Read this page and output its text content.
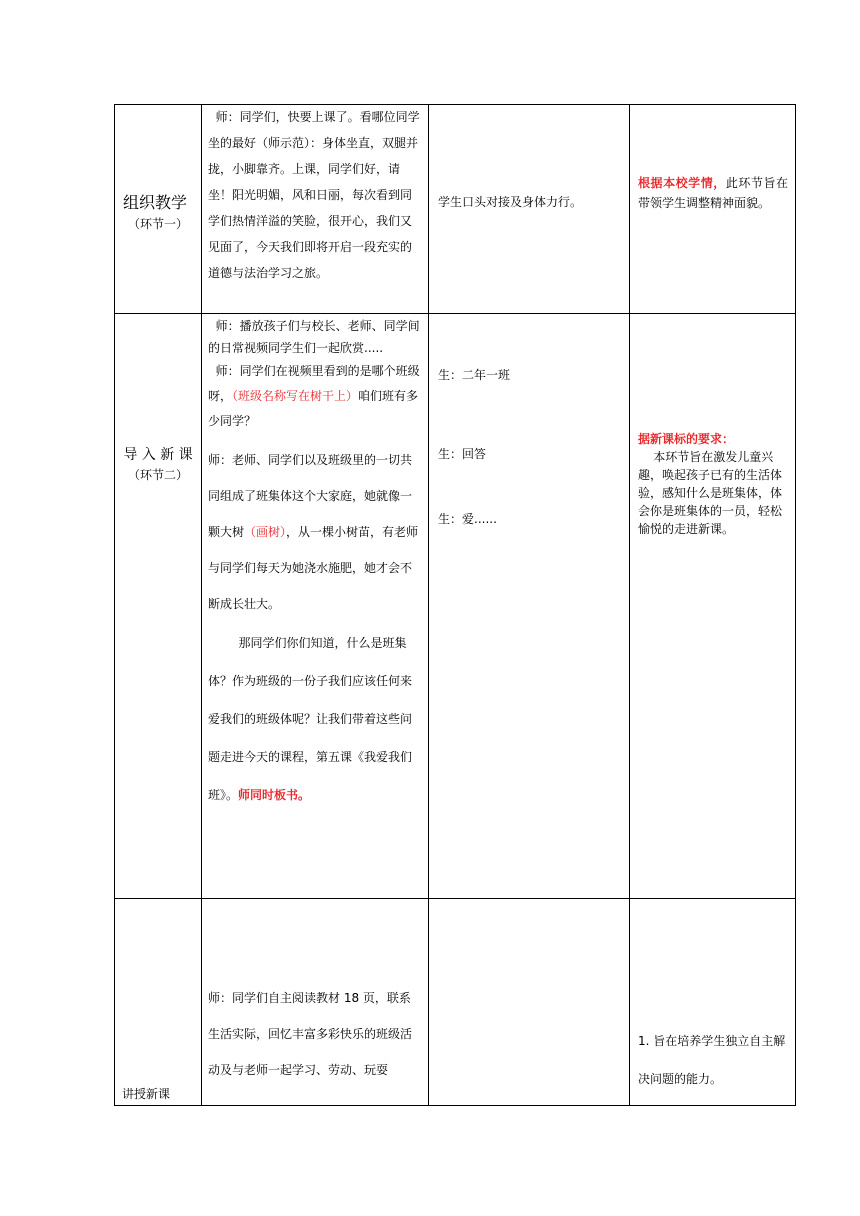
组织教学
（环节一）

师：同学们，快要上课了。看哪位同学坐的最好（师示范）：身体坐直，双腿并拢，小脚靠齐。上课，同学们好，请坐！阳光明媚，风和日丽，每次看到同学们热情洋溢的笑脸，很开心，我们又见面了，今天我们即将开启一段充实的道德与法治学习之旅。

学生口头对接及身体力行。

根据本校学情，此环节旨在带领学生调整精神面貌。
导 入 新 课
（环节二）

师：播放孩子们与校长、老师、同学间的日常视频同学生们一起欣赏.....

师：同学们在视频里看到的是哪个班级呀，（班级名称写在树干上）咱们班有多少同学？

师：老师、同学们以及班级里的一切共同组成了班集体这个大家庭，她就像一颗大树（画树），从一棵小树苗，有老师与同学们每天为她浇水施肥，她才会不断成长壮大。

那同学们你们知道，什么是班集体？作为班级的一份子我们应该任何来爱我们的班级体呢？让我们带着这些问题走进今天的课程，第五课《我爱我们班》。师同时板书。

生：二年一班

生：回答

生：爱......

据新课标的要求：

本环节旨在激发儿童兴趣，唤起孩子已有的生活体验，感知什么是班集体，体会你是班集体的一员，轻松愉悦的走进新课。

讲授新课

师：同学们自主阅读教材 18 页，联系生活实际，回忆丰富多彩快乐的班级活动及与老师一起学习、劳动、玩耍

1. 旨在培养学生独立自主解决问题的能力。
